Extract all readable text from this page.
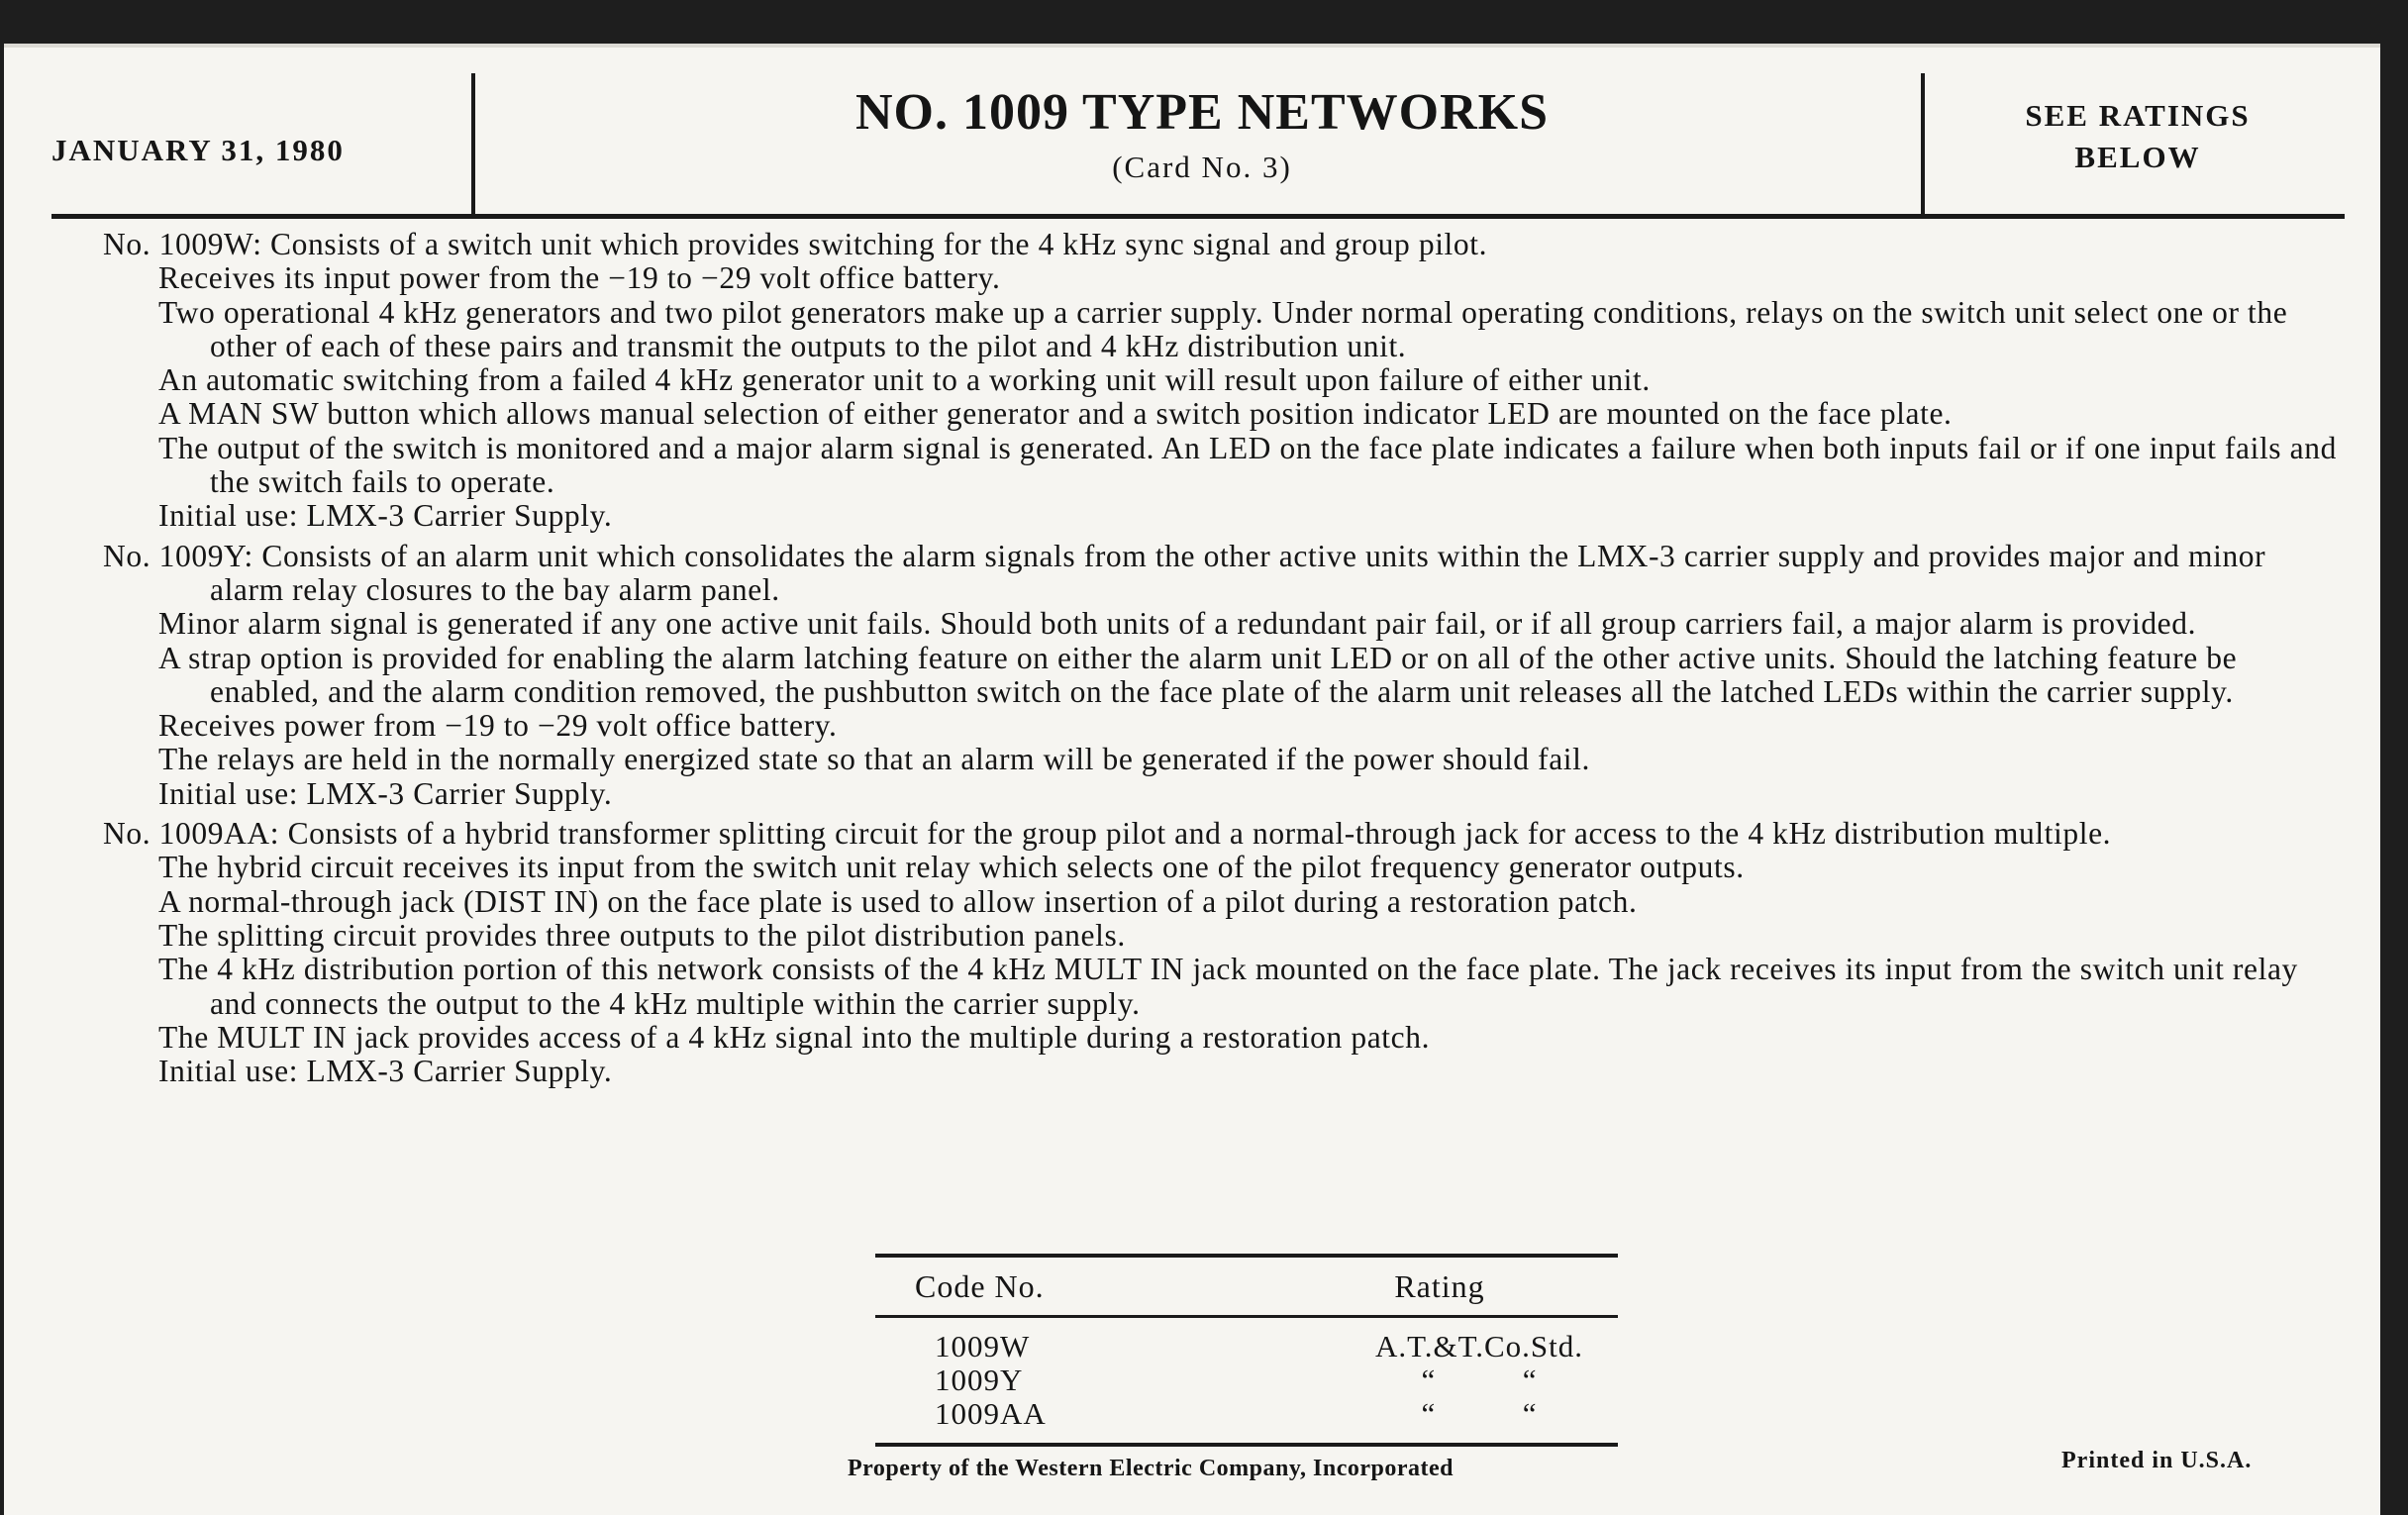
JANUARY 31, 1980
NO. 1009 TYPE NETWORKS
(Card No. 3)
SEE RATINGS
BELOW
No. 1009W: Consists of a switch unit which provides switching for the 4 kHz sync signal and group pilot.
Receives its input power from the −19 to −29 volt office battery.
Two operational 4 kHz generators and two pilot generators make up a carrier supply. Under normal operating conditions, relays on the switch unit select one or the other of each of these pairs and transmit the outputs to the pilot and 4 kHz distribution unit.
An automatic switching from a failed 4 kHz generator unit to a working unit will result upon failure of either unit.
A MAN SW button which allows manual selection of either generator and a switch position indicator LED are mounted on the face plate.
The output of the switch is monitored and a major alarm signal is generated. An LED on the face plate indicates a failure when both inputs fail or if one input fails and the switch fails to operate.
Initial use: LMX-3 Carrier Supply.
No. 1009Y: Consists of an alarm unit which consolidates the alarm signals from the other active units within the LMX-3 carrier supply and provides major and minor alarm relay closures to the bay alarm panel.
Minor alarm signal is generated if any one active unit fails. Should both units of a redundant pair fail, or if all group carriers fail, a major alarm is provided.
A strap option is provided for enabling the alarm latching feature on either the alarm unit LED or on all of the other active units. Should the latching feature be enabled, and the alarm condition removed, the pushbutton switch on the face plate of the alarm unit releases all the latched LEDs within the carrier supply.
Receives power from −19 to −29 volt office battery.
The relays are held in the normally energized state so that an alarm will be generated if the power should fail.
Initial use: LMX-3 Carrier Supply.
No. 1009AA: Consists of a hybrid transformer splitting circuit for the group pilot and a normal-through jack for access to the 4 kHz distribution multiple.
The hybrid circuit receives its input from the switch unit relay which selects one of the pilot frequency generator outputs.
A normal-through jack (DIST IN) on the face plate is used to allow insertion of a pilot during a restoration patch.
The splitting circuit provides three outputs to the pilot distribution panels.
The 4 kHz distribution portion of this network consists of the 4 kHz MULT IN jack mounted on the face plate. The jack receives its input from the switch unit relay and connects the output to the 4 kHz multiple within the carrier supply.
The MULT IN jack provides access of a 4 kHz signal into the multiple during a restoration patch.
Initial use: LMX-3 Carrier Supply.
Code No.	Rating
1009W	A.T.&T.Co.Std.
1009Y	“          “
1009AA	“          “
Property of the Western Electric Company, Incorporated	Printed in U.S.A.
